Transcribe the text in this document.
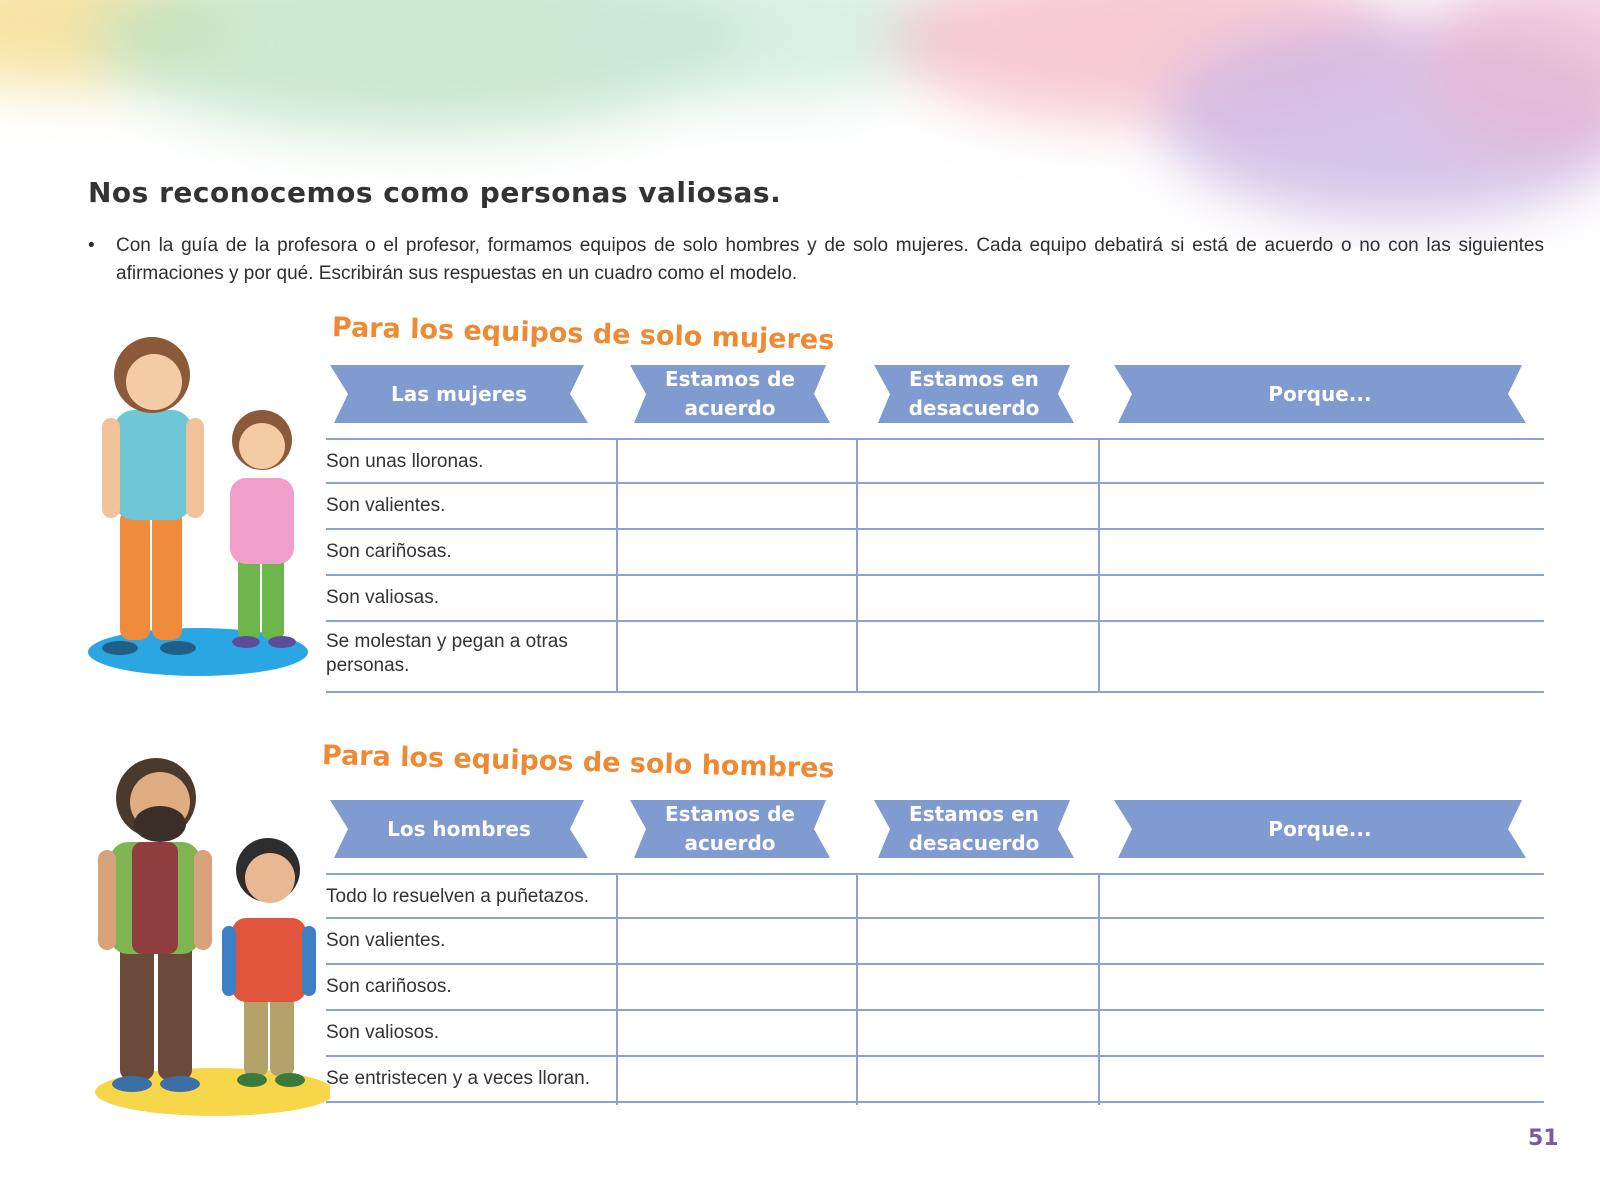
Nos reconocemos como personas valiosas.
• Con la guía de la profesora o el profesor, formamos equipos de solo hombres y de solo mujeres. Cada equipo debatirá si está de acuerdo o no con las siguientes afirmaciones y por qué. Escribirán sus respuestas en un cuadro como el modelo.
Para los equipos de solo mujeres
Las mujeres
Estamos de
acuerdo
Estamos en
desacuerdo
Porque...
Son unas lloronas.
Son valientes.
Son cariñosas.
Son valiosas.
Se molestan y pegan a otras personas.
Para los equipos de solo hombres
Los hombres
Estamos de
acuerdo
Estamos en
desacuerdo
Porque...
Todo lo resuelven a puñetazos.
Son valientes.
Son cariñosos.
Son valiosos.
Se entristecen y a veces lloran.
51
